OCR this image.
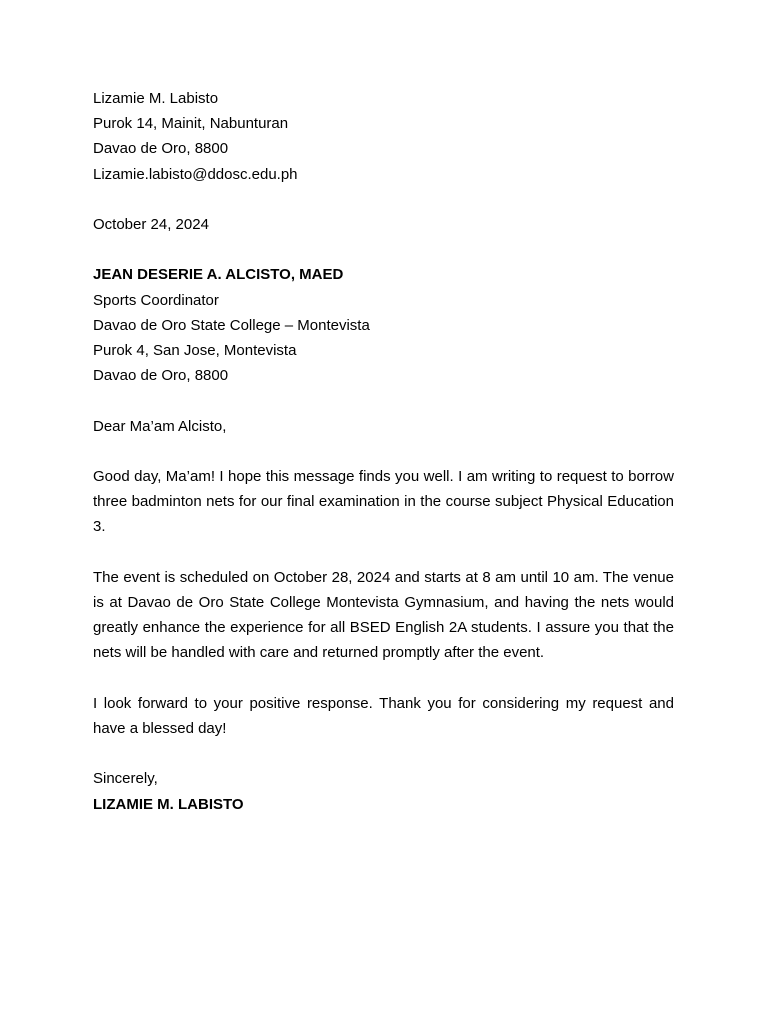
Lizamie M. Labisto
Purok 14, Mainit, Nabunturan
Davao de Oro, 8800
Lizamie.labisto@ddosc.edu.ph
October 24, 2024
JEAN DESERIE A. ALCISTO, MAED
Sports Coordinator
Davao de Oro State College – Montevista
Purok 4, San Jose, Montevista
Davao de Oro, 8800
Dear Ma’am Alcisto,

Good day, Ma’am! I hope this message finds you well. I am writing to request to borrow three badminton nets for our final examination in the course subject Physical Education 3.

The event is scheduled on October 28, 2024 and starts at 8 am until 10 am. The venue is at Davao de Oro State College Montevista Gymnasium, and having the nets would greatly enhance the experience for all BSED English 2A students. I assure you that the nets will be handled with care and returned promptly after the event.

I look forward to your positive response. Thank you for considering my request and have a blessed day!

Sincerely,
LIZAMIE M. LABISTO
